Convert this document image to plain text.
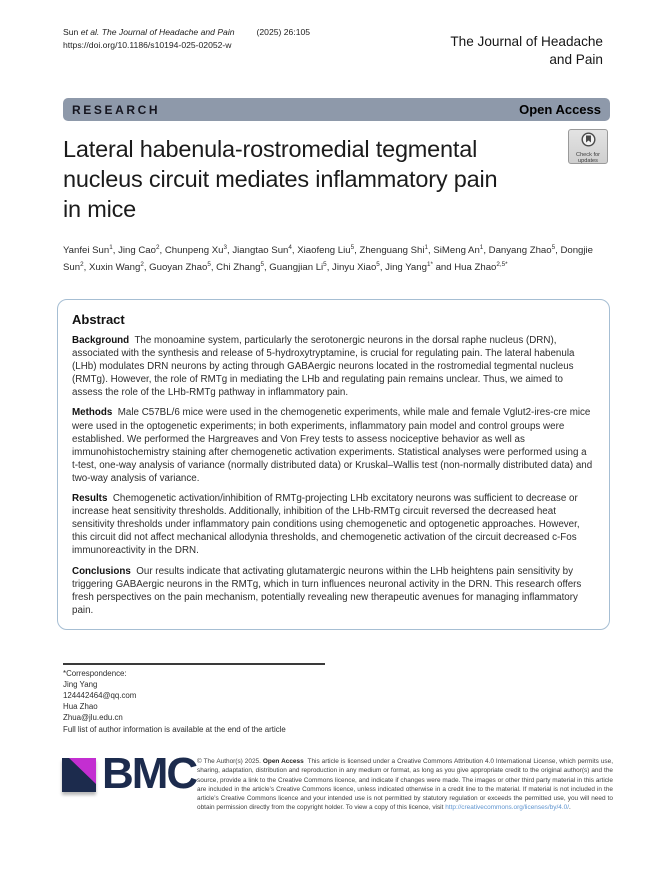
Sun et al. The Journal of Headache and Pain	(2025) 26:105
https://doi.org/10.1186/s10194-025-02052-w	The Journal of Headache
and Pain
RESEARCH	Open Access
Lateral habenula-rostromedial tegmental
nucleus circuit mediates inflammatory pain
in mice
Check for
updates
Yanfei Sun$^1$, Jing Cao$^2$, Chunpeng Xu$^3$, Jiangtao Sun$^4$, Xiaofeng Liu$^5$, Zhenguang Shi$^1$, SiMeng An$^1$, Danyang Zhao$^5$, Dongjie Sun$^2$, Xuxin Wang$^2$, Guoyan Zhao$^5$, Chi Zhang$^5$, Guangjian Li$^5$, Jinyu Xiao$^5$, Jing Yang$^{1*}$ and Hua Zhao$^{2,5*}$
Abstract

Background The monoamine system, particularly the serotonergic neurons in the dorsal raphe nucleus (DRN), associated with the synthesis and release of 5-hydroxytryptamine, is crucial for regulating pain. The lateral habenula (LHb) modulates DRN neurons by acting through GABAergic neurons located in the rostromedial tegmental nucleus (RMTg). However, the role of RMTg in mediating the LHb and regulating pain remains unclear. Thus, we aimed to assess the role of the LHb-RMTg pathway in inflammatory pain.

Methods Male C57BL/6 mice were used in the chemogenetic experiments, while male and female Vglut2-ires-cre mice were used in the optogenetic experiments; in both experiments, inflammatory pain model and control groups were established. We performed the Hargreaves and Von Frey tests to assess nociceptive behavior as well as immunohistochemistry staining after chemogenetic activation experiments. Statistical analyses were performed using a t-test, one-way analysis of variance (normally distributed data) or Kruskal–Wallis test (non-normally distributed data) and two-way analysis of variance.

Results Chemogenetic activation/inhibition of RMTg-projecting LHb excitatory neurons was sufficient to decrease or increase heat sensitivity thresholds. Additionally, inhibition of the LHb-RMTg circuit reversed the decreased heat sensitivity thresholds under inflammatory pain conditions using chemogenetic and optogenetic approaches. However, this circuit did not affect mechanical allodynia thresholds, and chemogenetic activation of the circuit decreased c-Fos immunoreactivity in the DRN.

Conclusions Our results indicate that activating glutamatergic neurons within the LHb heightens pain sensitivity by triggering GABAergic neurons in the RMTg, which in turn influences neuronal activity in the DRN. This research offers fresh perspectives on the pain mechanism, potentially revealing new therapeutic avenues for managing inflammatory pain.

*Correspondence:
Jing Yang
124442464@qq.com
Hua Zhao
Zhua@jlu.edu.cn
Full list of author information is available at the end of the article
BMC © The Author(s) 2025. Open Access This article is licensed under a Creative Commons Attribution 4.0 International License, which permits use, sharing, adaptation, distribution and reproduction in any medium or format, as long as you give appropriate credit to the original author(s) and the source, provide a link to the Creative Commons licence, and indicate if changes were made. The images or other third party material in this article are included in the article’s Creative Commons licence, unless indicated otherwise in a credit line to the material. If material is not included in the article’s Creative Commons licence and your intended use is not permitted by statutory regulation or exceeds the permitted use, you will need to obtain permission directly from the copyright holder. To view a copy of this licence, visit http://creativecommons.org/licenses/by/4.0/.
